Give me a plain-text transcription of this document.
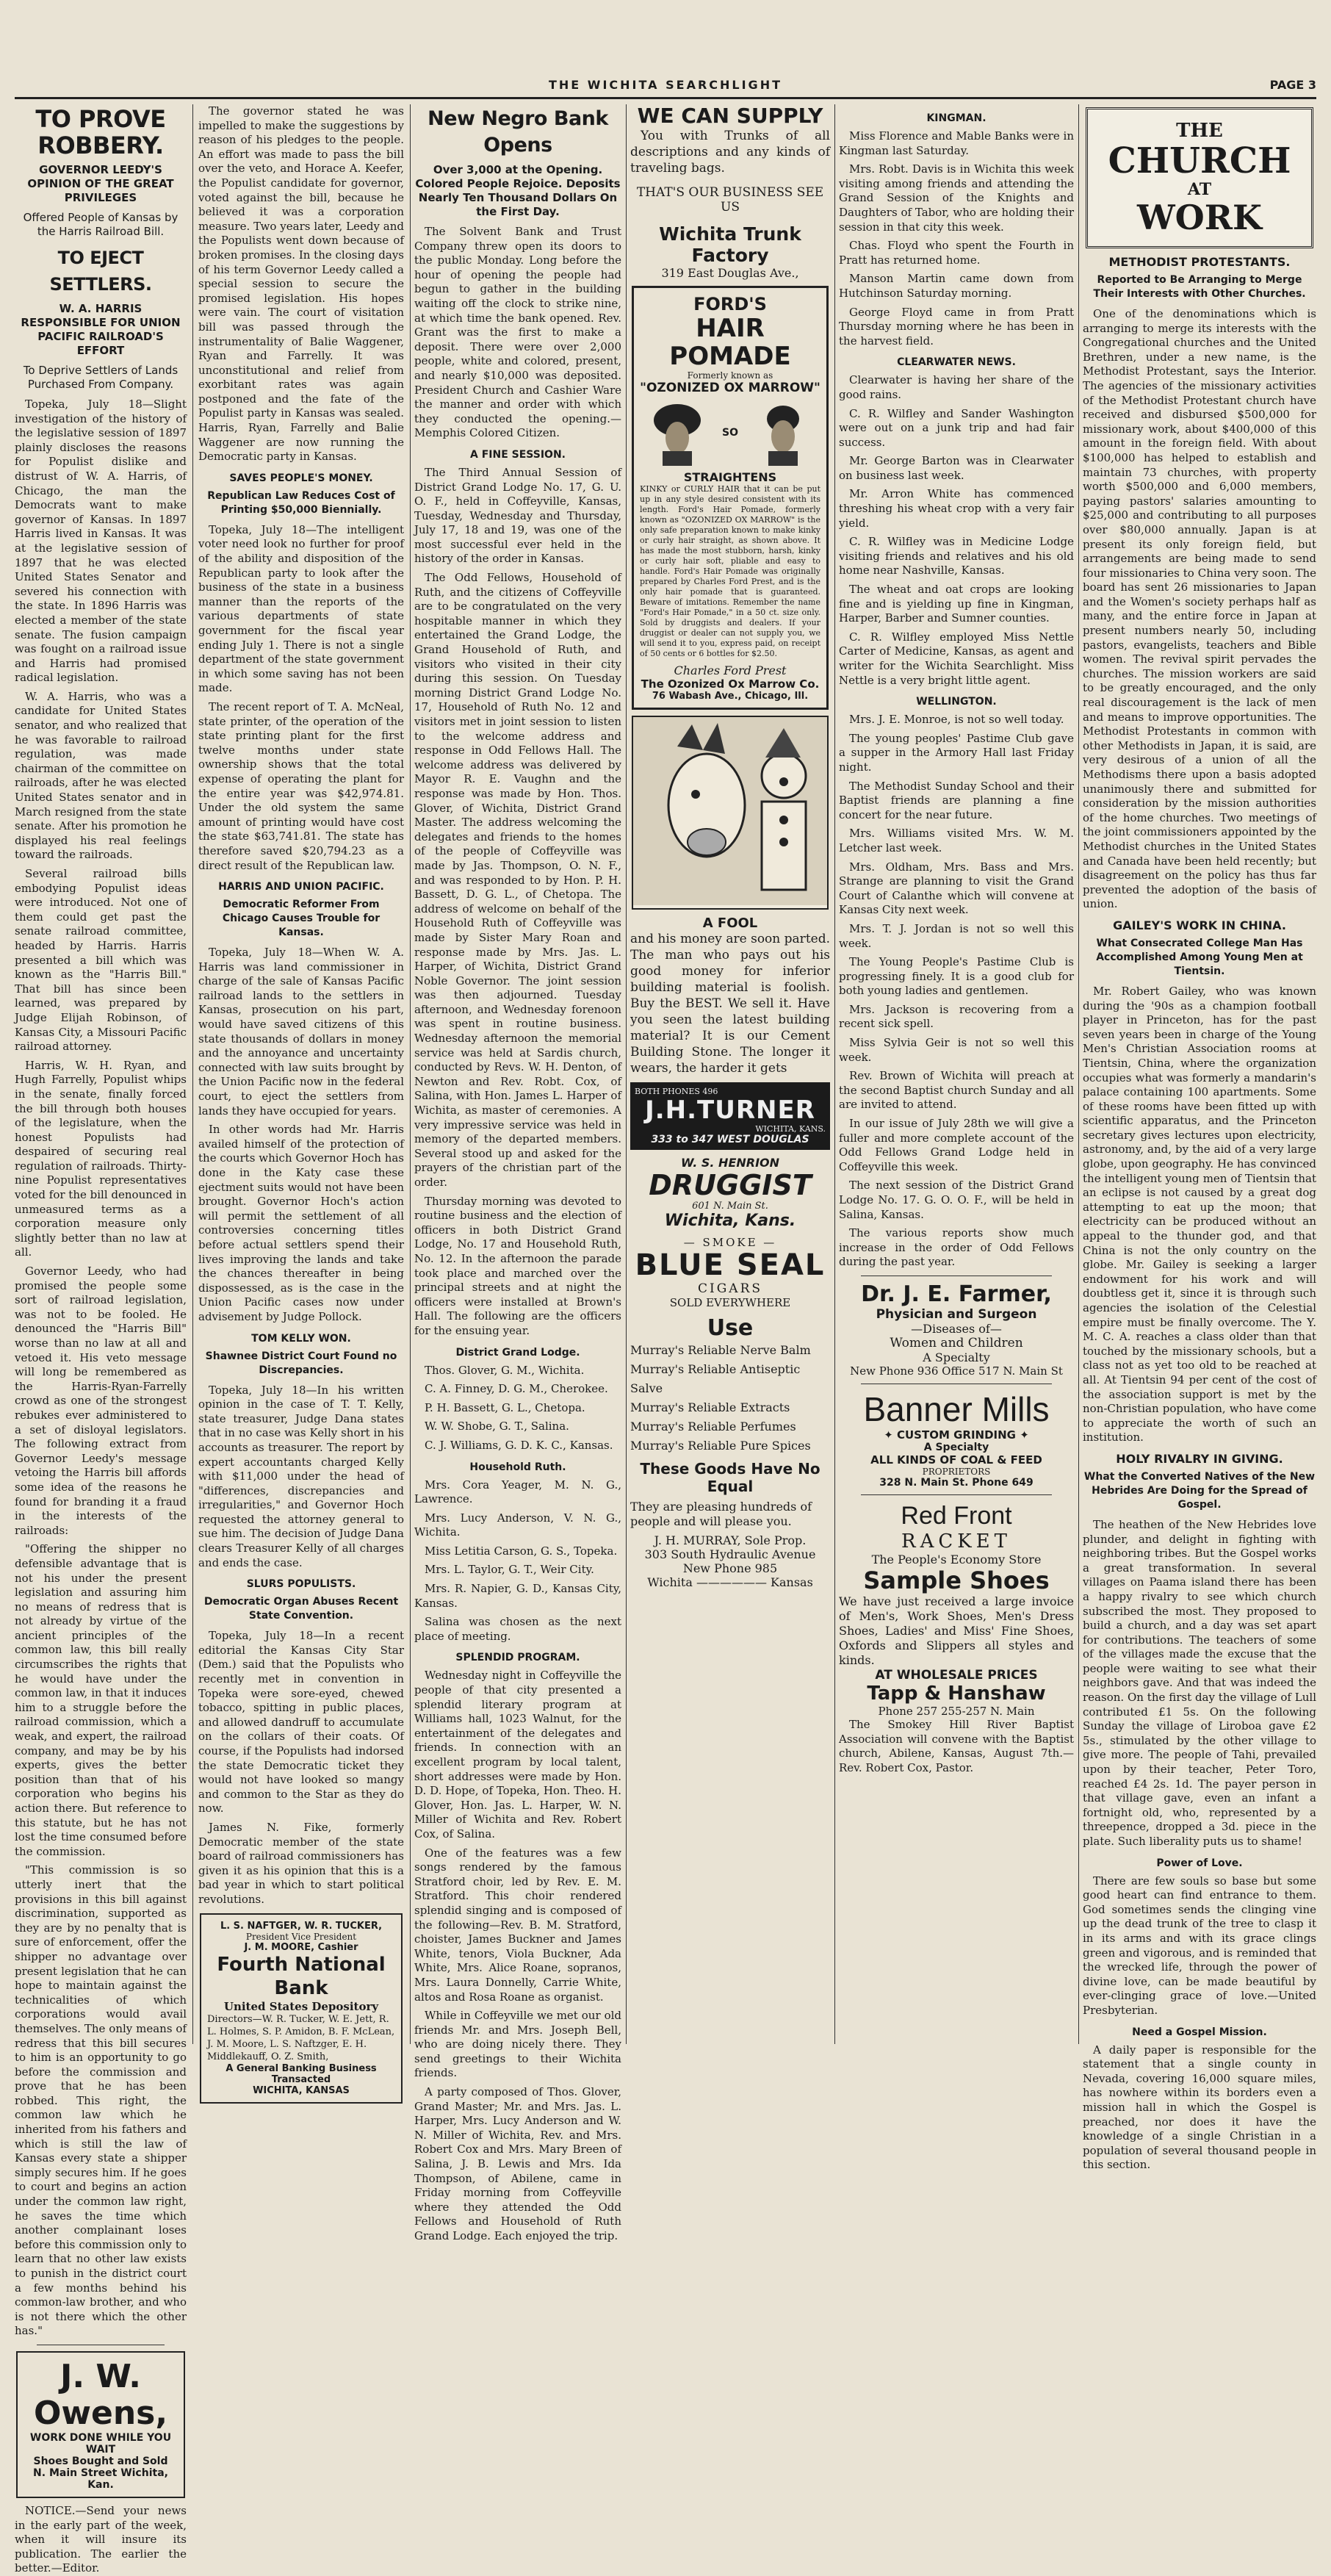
THE WICHITA SEARCHLIGHT	PAGE 3
TO PROVE ROBBERY.
GOVERNOR LEEDY'S OPINION OF THE GREAT PRIVILEGES
Offered People of Kansas by the Harris Railroad Bill.
TO EJECT SETTLERS.
W. A. HARRIS RESPONSIBLE FOR UNION PACIFIC RAILROAD'S EFFORT
To Deprive Settlers of Lands Purchased From Company.

Topeka, July 18—Slight investigation of the history of the legislative session of 1897 plainly discloses the reasons for Populist dislike and distrust of W. A. Harris, of Chicago, the man the Democrats want to make governor of Kansas. In 1897 Harris lived in Kansas. It was at the legislative session of 1897 that he was elected United States Senator and severed his connection with the state. In 1896 Harris was elected a member of the state senate. The fusion campaign was fought on a railroad issue and Harris had promised radical legislation.

W. A. Harris, who was a candidate for United States senator, and who realized that he was favorable to railroad regulation, was made chairman of the committee on railroads, after he was elected United States senator and in March resigned from the state senate. After his promotion he displayed his real feelings toward the railroads.

Several railroad bills embodying Populist ideas were introduced. Not one of them could get past the senate railroad committee, headed by Harris. Harris presented a bill which was known as the "Harris Bill." That bill has since been learned, was prepared by Judge Elijah Robinson, of Kansas City, a Missouri Pacific railroad attorney.

Harris, W. H. Ryan, and Hugh Farrelly, Populist whips in the senate, finally forced the bill through both houses of the legislature, when the honest Populists had despaired of securing real regulation of railroads. Thirty-nine Populist representatives voted for the bill denounced in unmeasured terms as a corporation measure only slightly better than no law at all.

Governor Leedy, who had promised the people some sort of railroad legislation, was not to be fooled. He denounced the "Harris Bill" worse than no law at all and vetoed it. His veto message will long be remembered as the Harris-Ryan-Farrelly crowd as one of the strongest rebukes ever administered to a set of disloyal legislators. The following extract from Governor Leedy's message vetoing the Harris bill affords some idea of the reasons he found for branding it a fraud in the interests of the railroads:

"Offering the shipper no defensible advantage that is not his under the present legislation and assuring him no means of redress that is not already by virtue of the ancient principles of the common law, this bill really circumscribes the rights that he would have under the common law, in that it induces him to a struggle before the railroad commission, which a weak, and expert, the railroad company, and may be by his experts, gives the better position than that of his corporation who begins his action there. But reference to this statute, but he has not lost the time consumed before the commission.

"This commission is so utterly inert that the provisions in this bill against discrimination, supported as they are by no penalty that is sure of enforcement, offer the shipper no advantage over present legislation that he can hope to maintain against the technicalities of which corporations would avail themselves. The only means of redress that this bill secures to him is an opportunity to go before the commission and prove that he has been robbed. This right, the common law which he inherited from his fathers and which is still the law of Kansas every state a shipper simply secures him. If he goes to court and begins an action under the common law right, he saves the time which another complainant loses before this commission only to learn that no other law exists to punish in the district court a few months behind his common-law brother, and who is not there which the other has."

J. W. Owens,
WORK DONE WHILE YOU WAIT
Shoes Bought and Sold
N. Main Street Wichita, Kan.

NOTICE.—Send your news in the early part of the week, when it will insure its publication. The earlier the better.—Editor.

The governor stated he was impelled to make the suggestions by reason of his pledges to the people. An effort was made to pass the bill over the veto, and Horace A. Keefer, the Populist candidate for governor, voted against the bill, because he believed it was a corporation measure. Two years later, Leedy and the Populists went down because of broken promises. In the closing days of his term Governor Leedy called a special session to secure the promised legislation. His hopes were vain. The court of visitation bill was passed through the instrumentality of Balie Waggener, Ryan and Farrelly. It was unconstitutional and relief from exorbitant rates was again postponed and the fate of the Populist party in Kansas was sealed. Harris, Ryan, Farrelly and Balie Waggener are now running the Democratic party in Kansas.

SAVES PEOPLE'S MONEY.
Republican Law Reduces Cost of Printing $50,000 Biennially.

Topeka, July 18—The intelligent voter need look no further for proof of the ability and disposition of the Republican party to look after the business of the state in a business manner than the reports of the various departments of state government for the fiscal year ending July 1. There is not a single department of the state government in which some saving has not been made.

The recent report of T. A. McNeal, state printer, of the operation of the state printing plant for the first twelve months under state ownership shows that the total expense of operating the plant for the entire year was $42,974.81. Under the old system the same amount of printing would have cost the state $63,741.81. The state has therefore saved $20,794.23 as a direct result of the Republican law.

HARRIS AND UNION PACIFIC.
Democratic Reformer From Chicago Causes Trouble for Kansas.

Topeka, July 18—When W. A. Harris was land commissioner in charge of the sale of Kansas Pacific railroad lands to the settlers in Kansas, prosecution on his part, would have saved citizens of this state thousands of dollars in money and the annoyance and uncertainty connected with law suits brought by the Union Pacific now in the federal court, to eject the settlers from lands they have occupied for years.

In other words had Mr. Harris availed himself of the protection of the courts which Governor Hoch has done in the Katy case these ejectment suits would not have been brought. Governor Hoch's action will permit the settlement of all controversies concerning titles before actual settlers spend their lives improving the lands and take the chances thereafter in being dispossessed, as is the case in the Union Pacific cases now under advisement by Judge Pollock.

TOM KELLY WON.
Shawnee District Court Found no Discrepancies.

Topeka, July 18—In his written opinion in the case of T. T. Kelly, state treasurer, Judge Dana states that in no case was Kelly short in his accounts as treasurer. The report by expert accountants charged Kelly with $11,000 under the head of "differences, discrepancies and irregularities," and Governor Hoch requested the attorney general to sue him. The decision of Judge Dana clears Treasurer Kelly of all charges and ends the case.

SLURS POPULISTS.
Democratic Organ Abuses Recent State Convention.

Topeka, July 18—In a recent editorial the Kansas City Star (Dem.) said that the Populists who recently met in convention in Topeka were sore-eyed, chewed tobacco, spitting in public places, and allowed dandruff to accumulate on the collars of their coats. Of course, if the Populists had indorsed the state Democratic ticket they would not have looked so mangy and common to the Star as they do now.

James N. Fike, formerly Democratic member of the state board of railroad commissioners has given it as his opinion that this is a bad year in which to start political revolutions.

L. S. NAFTGER, W. R. TUCKER,
President Vice President
J. M. MOORE, Cashier
Fourth National Bank
United States Depository
Directors—W. R. Tucker, W. E. Jett, R. L. Holmes, S. P. Amidon, B. F. McLean, J. M. Moore, L. S. Naftzger, E. H. Middlekauff, O. Z. Smith,
A General Banking Business Transacted
WICHITA, KANSAS
New Negro Bank Opens
Over 3,000 at the Opening. Colored People Rejoice. Deposits Nearly Ten Thousand Dollars On the First Day.

The Solvent Bank and Trust Company threw open its doors to the public Monday. Long before the hour of opening the people had begun to gather in the building waiting off the clock to strike nine, at which time the bank opened. Rev. Grant was the first to make a deposit. There were over 2,000 people, white and colored, present, and nearly $10,000 was deposited. President Church and Cashier Ware the manner and order with which they conducted the opening.—Memphis Colored Citizen.

A FINE SESSION.

The Third Annual Session of District Grand Lodge No. 17, G. U. O. F., held in Coffeyville, Kansas, Tuesday, Wednesday and Thursday, July 17, 18 and 19, was one of the most successful ever held in the history of the order in Kansas.

The Odd Fellows, Household of Ruth, and the citizens of Coffeyville are to be congratulated on the very hospitable manner in which they entertained the Grand Lodge, the Grand Household of Ruth, and visitors who visited in their city during this session. On Tuesday morning District Grand Lodge No. 17, Household of Ruth No. 12 and visitors met in joint session to listen to the welcome address and response in Odd Fellows Hall. The welcome address was delivered by Mayor R. E. Vaughn and the response was made by Hon. Thos. Glover, of Wichita, District Grand Master. The address welcoming the delegates and friends to the homes of the people of Coffeyville was made by Jas. Thompson, O. N. F., and was responded to by Hon. P. H. Bassett, D. G. L., of Chetopa. The address of welcome on behalf of the Household Ruth of Coffeyville was made by Sister Mary Roan and response made by Mrs. Jas. L. Harper, of Wichita, District Grand Noble Governor. The joint session was then adjourned. Tuesday afternoon, and Wednesday forenoon was spent in routine business. Wednesday afternoon the memorial service was held at Sardis church, conducted by Revs. W. H. Denton, of Newton and Rev. Robt. Cox, of Salina, with Hon. James L. Harper of Wichita, as master of ceremonies. A very impressive service was held in memory of the departed members. Several stood up and asked for the prayers of the christian part of the order.

Thursday morning was devoted to routine business and the election of officers in both District Grand Lodge, No. 17 and Household Ruth, No. 12. In the afternoon the parade took place and marched over the principal streets and at night the officers were installed at Brown's Hall. The following are the officers for the ensuing year.

District Grand Lodge.

Thos. Glover, G. M., Wichita.

C. A. Finney, D. G. M., Cherokee.

P. H. Bassett, G. L., Chetopa.

W. W. Shobe, G. T., Salina.

C. J. Williams, G. D. K. C., Kansas.

Household Ruth.

Mrs. Cora Yeager, M. N. G., Lawrence.

Mrs. Lucy Anderson, V. N. G., Wichita.

Miss Letitia Carson, G. S., Topeka.

Mrs. L. Taylor, G. T., Weir City.

Mrs. R. Napier, G. D., Kansas City, Kansas.

Salina was chosen as the next place of meeting.

SPLENDID PROGRAM.

Wednesday night in Coffeyville the people of that city presented a splendid literary program at Williams hall, 1023 Walnut, for the entertainment of the delegates and friends. In connection with an excellent program by local talent, short addresses were made by Hon. D. D. Hope, of Topeka, Hon. Theo. H. Glover, Hon. Jas. L. Harper, W. N. Miller of Wichita and Rev. Robert Cox, of Salina.

One of the features was a few songs rendered by the famous Stratford choir, led by Rev. E. M. Stratford. This choir rendered splendid singing and is composed of the following—Rev. B. M. Stratford, choister, James Buckner and James White, tenors, Viola Buckner, Ada White, Mrs. Alice Roane, sopranos, Mrs. Laura Donnelly, Carrie White, altos and Rosa Roane as organist.

While in Coffeyville we met our old friends Mr. and Mrs. Joseph Bell, who are doing nicely there. They send greetings to their Wichita friends.

A party composed of Thos. Glover, Grand Master; Mr. and Mrs. Jas. L. Harper, Mrs. Lucy Anderson and W. N. Miller of Wichita, Rev. and Mrs. Robert Cox and Mrs. Mary Breen of Salina, J. B. Lewis and Mrs. Ida Thompson, of Abilene, came in Friday morning from Coffeyville where they attended the Odd Fellows and Household of Ruth Grand Lodge. Each enjoyed the trip.

WE CAN SUPPLY

You with Trunks of all descriptions and any kinds of traveling bags.

THAT'S OUR BUSINESS SEE US
Wichita Trunk Factory
319 East Douglas Ave.,
FORD'S
HAIR POMADE
Formerly known as
"OZONIZED OX MARROW"
SO
STRAIGHTENS
KINKY or CURLY HAIR that it can be put up in any style desired consistent with its length. Ford's Hair Pomade, formerly known as "OZONIZED OX MARROW" is the only safe preparation known to make kinky or curly hair straight, as shown above. It has made the most stubborn, harsh, kinky or curly hair soft, pliable and easy to handle. Ford's Hair Pomade was originally prepared by Charles Ford Prest, and is the only hair pomade that is guaranteed. Beware of imitations. Remember the name "Ford's Hair Pomade," in a 50 ct. size only. Sold by druggists and dealers. If your druggist or dealer can not supply you, we will send it to you, express paid, on receipt of 50 cents or 6 bottles for $2.50.
Charles Ford Prest
The Ozonized Ox Marrow Co.
76 Wabash Ave., Chicago, Ill.
A FOOL

and his money are soon parted. The man who pays out his good money for inferior building material is foolish. Buy the BEST. We sell it. Have you seen the latest building material? It is our Cement Building Stone. The longer it wears, the harder it gets

BOTH PHONES 496
J.H.TURNER
WICHITA, KANS.
333 to 347 WEST DOUGLAS
W. S. HENRION
DRUGGIST
601 N. Main St.
Wichita, Kans.
— SMOKE —
BLUE SEAL
CIGARS
SOLD EVERYWHERE
Use
Murray's Reliable Nerve Balm
Murray's Reliable Antiseptic Salve
Murray's Reliable Extracts
Murray's Reliable Perfumes
Murray's Reliable Pure Spices
These Goods Have No Equal
They are pleasing hundreds of people and will please you.
J. H. MURRAY, Sole Prop.
303 South Hydraulic Avenue
New Phone 985
Wichita —————— Kansas
KINGMAN.

Miss Florence and Mable Banks were in Kingman last Saturday.

Mrs. Robt. Davis is in Wichita this week visiting among friends and attending the Grand Session of the Knights and Daughters of Tabor, who are holding their session in that city this week.

Chas. Floyd who spent the Fourth in Pratt has returned home.

Manson Martin came down from Hutchinson Saturday morning.

George Floyd came in from Pratt Thursday morning where he has been in the harvest field.

CLEARWATER NEWS.

Clearwater is having her share of the good rains.

C. R. Wilfley and Sander Washington were out on a junk trip and had fair success.

Mr. George Barton was in Clearwater on business last week.

Mr. Arron White has commenced threshing his wheat crop with a very fair yield.

C. R. Wilfley was in Medicine Lodge visiting friends and relatives and his old home near Nashville, Kansas.

The wheat and oat crops are looking fine and is yielding up fine in Kingman, Harper, Barber and Sumner counties.

C. R. Wilfley employed Miss Nettle Carter of Medicine, Kansas, as agent and writer for the Wichita Searchlight. Miss Nettle is a very bright little agent.

WELLINGTON.

Mrs. J. E. Monroe, is not so well today.

The young peoples' Pastime Club gave a supper in the Armory Hall last Friday night.

The Methodist Sunday School and their Baptist friends are planning a fine concert for the near future.

Mrs. Williams visited Mrs. W. M. Letcher last week.

Mrs. Oldham, Mrs. Bass and Mrs. Strange are planning to visit the Grand Court of Calanthe which will convene at Kansas City next week.

Mrs. T. J. Jordan is not so well this week.

The Young People's Pastime Club is progressing finely. It is a good club for both young ladies and gentlemen.

Mrs. Jackson is recovering from a recent sick spell.

Miss Sylvia Geir is not so well this week.

Rev. Brown of Wichita will preach at the second Baptist church Sunday and all are invited to attend.

In our issue of July 28th we will give a fuller and more complete account of the Odd Fellows Grand Lodge held in Coffeyville this week.

The next session of the District Grand Lodge No. 17. G. O. O. F., will be held in Salina, Kansas.

The various reports show much increase in the order of Odd Fellows during the past year.

Dr. J. E. Farmer,
Physician and Surgeon
—Diseases of—
Women and Children
A Specialty
New Phone 936 Office 517 N. Main St
Banner Mills
✦ CUSTOM GRINDING ✦
A Specialty
ALL KINDS OF COAL & FEED
PROPRIETORS
328 N. Main St. Phone 649
Red Front
RACKET
The People's Economy Store
Sample Shoes
We have just received a large invoice of Men's, Work Shoes, Men's Dress Shoes, Ladies' and Miss' Fine Shoes, Oxfords and Slippers all styles and kinds.
AT WHOLESALE PRICES
Tapp & Hanshaw
Phone 257 255-257 N. Main

The Smokey Hill River Baptist Association will convene with the Baptist church, Abilene, Kansas, August 7th.—Rev. Robert Cox, Pastor.

THE
CHURCH
AT
WORK
METHODIST PROTESTANTS.
Reported to Be Arranging to Merge Their Interests with Other Churches.

One of the denominations which is arranging to merge its interests with the Congregational churches and the United Brethren, under a new name, is the Methodist Protestant, says the Interior. The agencies of the missionary activities of the Methodist Protestant church have received and disbursed $500,000 for missionary work, about $400,000 of this amount in the foreign field. With about $100,000 has helped to establish and maintain 73 churches, with property worth $500,000 and 6,000 members, paying pastors' salaries amounting to $25,000 and contributing to all purposes over $80,000 annually. Japan is at present its only foreign field, but arrangements are being made to send four missionaries to China very soon. The board has sent 26 missionaries to Japan and the Women's society perhaps half as many, and the entire force in Japan at present numbers nearly 50, including pastors, evangelists, teachers and Bible women. The revival spirit pervades the churches. The mission workers are said to be greatly encouraged, and the only real discouragement is the lack of men and means to improve opportunities. The Methodist Protestants in common with other Methodists in Japan, it is said, are very desirous of a union of all the Methodisms there upon a basis adopted unanimously there and submitted for consideration by the mission authorities of the home churches. Two meetings of the joint commissioners appointed by the Methodist churches in the United States and Canada have been held recently; but disagreement on the policy has thus far prevented the adoption of the basis of union.

GAILEY'S WORK IN CHINA.
What Consecrated College Man Has Accomplished Among Young Men at Tientsin.

Mr. Robert Gailey, who was known during the '90s as a champion football player in Princeton, has for the past seven years been in charge of the Young Men's Christian Association rooms at Tientsin, China, where the organization occupies what was formerly a mandarin's palace containing 100 apartments. Some of these rooms have been fitted up with scientific apparatus, and the Princeton secretary gives lectures upon electricity, astronomy, and, by the aid of a very large globe, upon geography. He has convinced the intelligent young men of Tientsin that an eclipse is not caused by a great dog attempting to eat up the moon; that electricity can be produced without an appeal to the thunder god, and that China is not the only country on the globe. Mr. Gailey is seeking a larger endowment for his work and will doubtless get it, since it is through such agencies the isolation of the Celestial empire must be finally overcome. The Y. M. C. A. reaches a class older than that touched by the missionary schools, but a class not as yet too old to be reached at all. At Tientsin 94 per cent of the cost of the association support is met by the non-Christian population, who have come to appreciate the worth of such an institution.

HOLY RIVALRY IN GIVING.
What the Converted Natives of the New Hebrides Are Doing for the Spread of Gospel.

The heathen of the New Hebrides love plunder, and delight in fighting with neighboring tribes. But the Gospel works a great transformation. In several villages on Paama island there has been a happy rivalry to see which church subscribed the most. They proposed to build a church, and a day was set apart for contributions. The teachers of some of the villages made the excuse that the people were waiting to see what their neighbors gave. And that was indeed the reason. On the first day the village of Lull contributed £1 5s. On the following Sunday the village of Liroboa gave £2 5s., stimulated by the other village to give more. The people of Tahi, prevailed upon by their teacher, Peter Toro, reached £4 2s. 1d. The payer person in that village gave, even an infant a fortnight old, who, represented by a threepence, dropped a 3d. piece in the plate. Such liberality puts us to shame!

Power of Love.

There are few souls so base but some good heart can find entrance to them. God sometimes sends the clinging vine up the dead trunk of the tree to clasp it in its arms and with its grace clings green and vigorous, and is reminded that the wrecked life, through the power of divine love, can be made beautiful by ever-clinging grace of love.—United Presbyterian.

Need a Gospel Mission.

A daily paper is responsible for the statement that a single county in Nevada, covering 16,000 square miles, has nowhere within its borders even a mission hall in which the Gospel is preached, nor does it have the knowledge of a single Christian in a population of several thousand people in this section.
